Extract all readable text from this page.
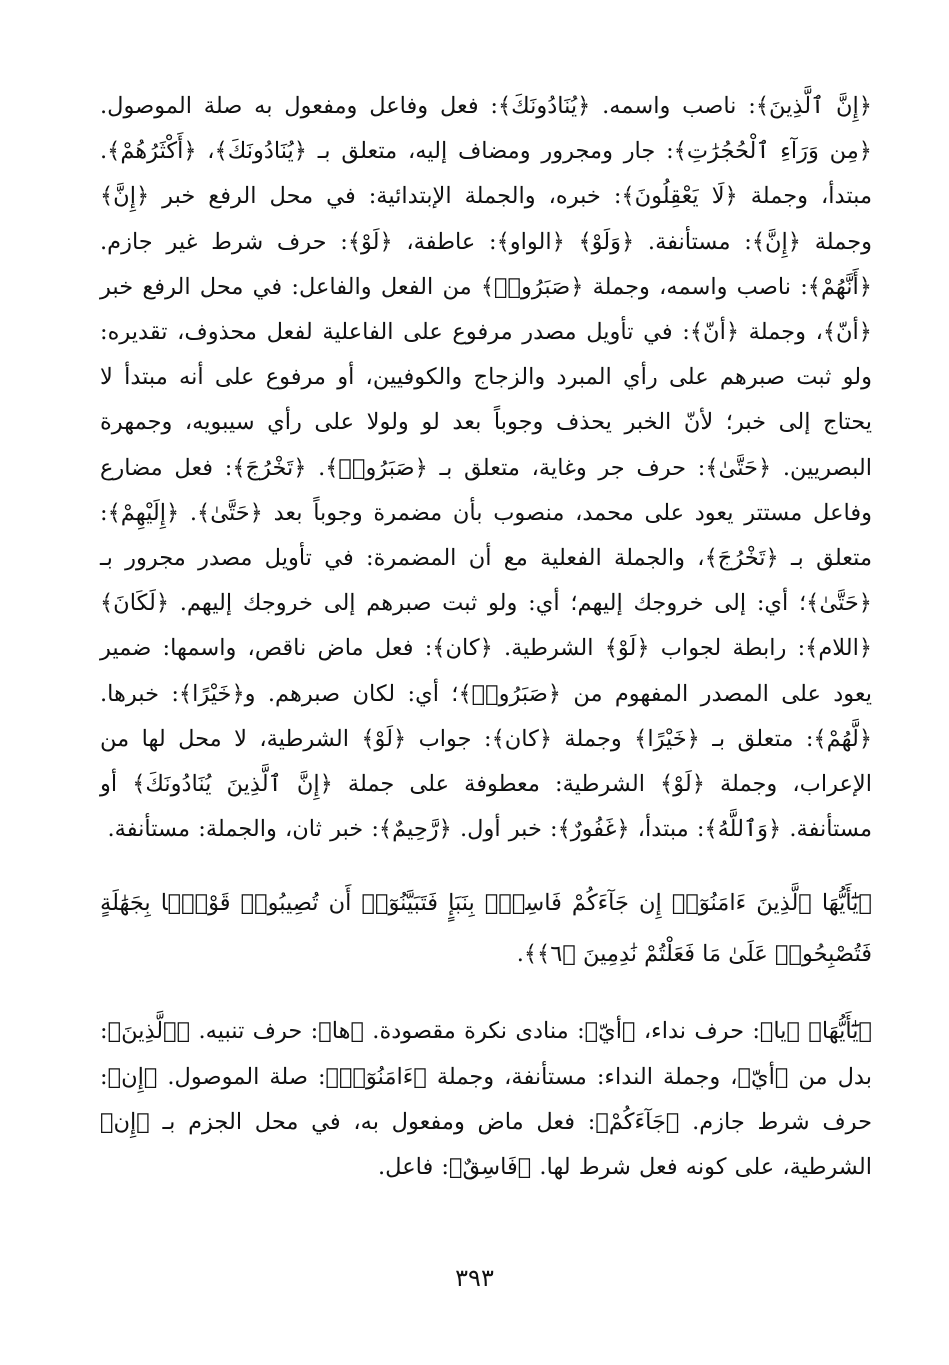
﴿إِنَّ ٱلَّذِينَ﴾: ناصب واسمه. ﴿يُنَادُونَكَ﴾: فعل وفاعل ومفعول به صلة الموصول. ﴿مِن وَرَآءِ ٱلْحُجُرَٰتِ﴾: جار ومجرور ومضاف إليه، متعلق بـ ﴿يُنَادُونَكَ﴾، ﴿أَكْثَرُهُمْ﴾. مبتدأ، وجملة ﴿لَا يَعْقِلُونَ﴾: خبره، والجملة الإبتدائية: في محل الرفع خبر ﴿إِنَّ﴾ وجملة ﴿إِنَّ﴾: مستأنفة. ﴿وَلَوْ﴾ ﴿الواو﴾: عاطفة، ﴿لَوْ﴾: حرف شرط غير جازم. ﴿أَنَّهُمْ﴾: ناصب واسمه، وجملة ﴿صَبَرُوا۟﴾ من الفعل والفاعل: في محل الرفع خبر ﴿أنّ﴾، وجملة ﴿أنّ﴾: في تأويل مصدر مرفوع على الفاعلية لفعل محذوف، تقديره: ولو ثبت صبرهم على رأي المبرد والزجاج والكوفيين، أو مرفوع على أنه مبتدأ لا يحتاج إلى خبر؛ لأنّ الخبر يحذف وجوباً بعد لو ولولا على رأي سيبويه، وجمهرة البصريين. ﴿حَتَّىٰ﴾: حرف جر وغاية، متعلق بـ ﴿صَبَرُوا۟﴾. ﴿تَخْرُجَ﴾: فعل مضارع وفاعل مستتر يعود على محمد، منصوب بأن مضمرة وجوباً بعد ﴿حَتَّىٰ﴾. ﴿إِلَيْهِمْ﴾: متعلق بـ ﴿تَخْرُجَ﴾، والجملة الفعلية مع أن المضمرة: في تأويل مصدر مجرور بـ ﴿حَتَّىٰ﴾؛ أي: إلى خروجك إليهم؛ أي: ولو ثبت صبرهم إلى خروجك إليهم. ﴿لَكَانَ﴾ ﴿اللام﴾: رابطة لجواب ﴿لَوْ﴾ الشرطية. ﴿كان﴾: فعل ماض ناقص، واسمها: ضمير يعود على المصدر المفهوم من ﴿صَبَرُوا۟﴾؛ أي: لكان صبرهم. و﴿خَيْرًا﴾: خبرها. ﴿لَّهُمْ﴾: متعلق بـ ﴿خَيْرًا﴾ وجملة ﴿كان﴾: جواب ﴿لَوْ﴾ الشرطية، لا محل لها من الإعراب، وجملة ﴿لَوْ﴾ الشرطية: معطوفة على جملة ﴿إِنَّ ٱلَّذِينَ يُنَادُونَكَ﴾ أو مستأنفة. ﴿وَٱللَّهُ﴾: مبتدأ، ﴿غَفُورٌ﴾: خبر أول. ﴿رَّحِيمٌ﴾: خبر ثان، والجملة: مستأنفة.

﴿يَٰٓأَيُّهَا ٱلَّذِينَ ءَامَنُوٓا۟ إِن جَآءَكُمْ فَاسِقٌۢ بِنَبَإٍ فَتَبَيَّنُوٓا۟ أَن تُصِيبُوا۟ قَوْمًۢا بِجَهَٰلَةٍ فَتُصْبِحُوا۟ عَلَىٰ مَا فَعَلْتُمْ نَٰدِمِينَ ﴿٦﴾﴾.

﴿يَٰٓأَيُّهَا﴾ ﴿يا﴾: حرف نداء، ﴿أيّ﴾: منادى نكرة مقصودة. ﴿ها﴾: حرف تنبيه. ﴿ٱلَّذِينَ﴾: بدل من ﴿أيّ﴾، وجملة النداء: مستأنفة، وجملة ﴿ءَامَنُوٓا۟﴾: صلة الموصول. ﴿إِن﴾: حرف شرط جازم. ﴿جَآءَكُمْ﴾: فعل ماض ومفعول به، في محل الجزم بـ ﴿إِن﴾ الشرطية، على كونه فعل شرط لها. ﴿فَاسِقٌ﴾: فاعل.

٣٩٣
